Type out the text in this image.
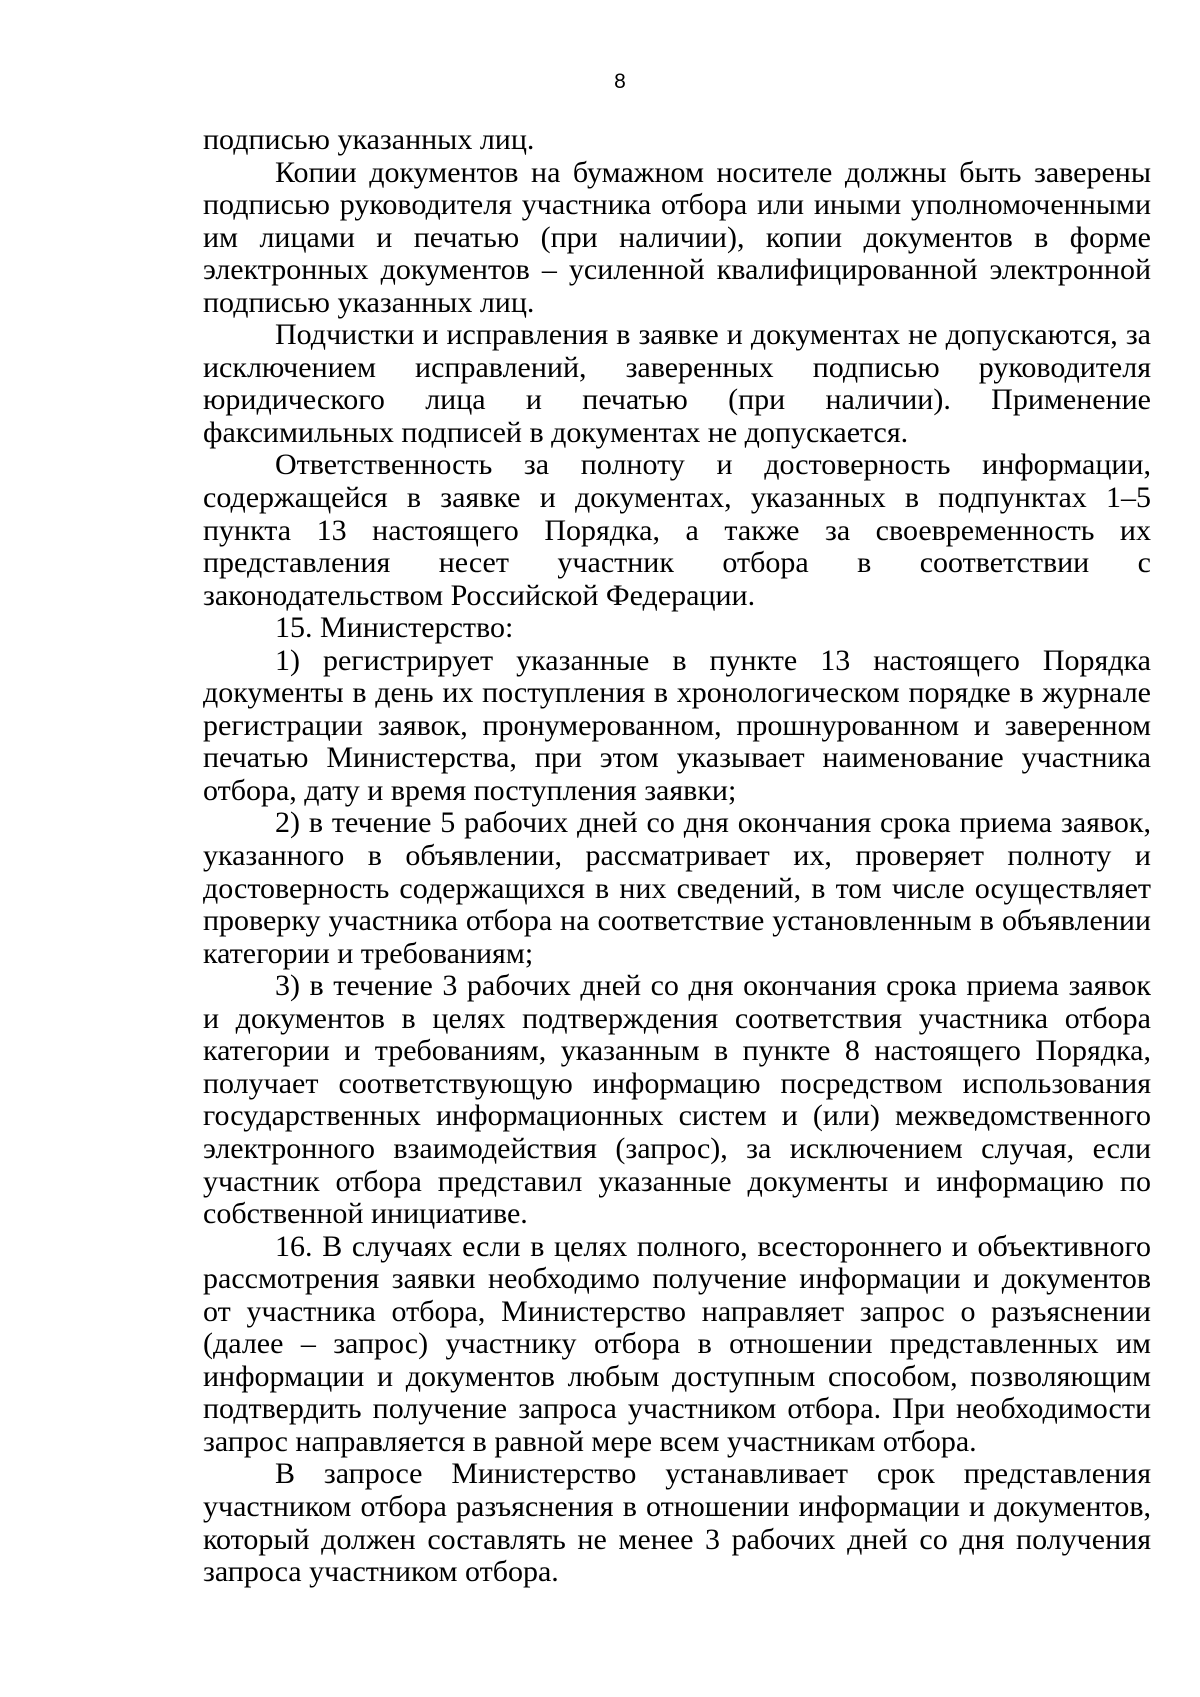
8

подписью указанных лиц.

Копии документов на бумажном носителе должны быть заверены подписью руководителя участника отбора или иными уполномоченными им лицами и печатью (при наличии), копии документов в форме электронных документов – усиленной квалифицированной электронной подписью указанных лиц.

Подчистки и исправления в заявке и документах не допускаются, за исключением исправлений, заверенных подписью руководителя юридического лица и печатью (при наличии). Применение факсимильных подписей в документах не допускается.

Ответственность за полноту и достоверность информации, содержащейся в заявке и документах, указанных в подпунктах 1–5 пункта 13 настоящего Порядка, а также за своевременность их представления несет участник отбора в соответствии с законодательством Российской Федерации.

15. Министерство:

1) регистрирует указанные в пункте 13 настоящего Порядка документы в день их поступления в хронологическом порядке в журнале регистрации заявок, пронумерованном, прошнурованном и заверенном печатью Министерства, при этом указывает наименование участника отбора, дату и время поступления заявки;

2) в течение 5 рабочих дней со дня окончания срока приема заявок, указанного в объявлении, рассматривает их, проверяет полноту и достоверность содержащихся в них сведений, в том числе осуществляет проверку участника отбора на соответствие установленным в объявлении категории и требованиям;

3) в течение 3 рабочих дней со дня окончания срока приема заявок и документов в целях подтверждения соответствия участника отбора категории и требованиям, указанным в пункте 8 настоящего Порядка, получает соответствующую информацию посредством использования государственных информационных систем и (или) межведомственного электронного взаимодействия (запрос), за исключением случая, если участник отбора представил указанные документы и информацию по собственной инициативе.

16. В случаях если в целях полного, всестороннего и объективного рассмотрения заявки необходимо получение информации и документов от участника отбора, Министерство направляет запрос о разъяснении (далее – запрос) участнику отбора в отношении представленных им информации и документов любым доступным способом, позволяющим подтвердить получение запроса участником отбора. При необходимости запрос направляется в равной мере всем участникам отбора.

В запросе Министерство устанавливает срок представления участником отбора разъяснения в отношении информации и документов, который должен составлять не менее 3 рабочих дней со дня получения запроса участником отбора.
